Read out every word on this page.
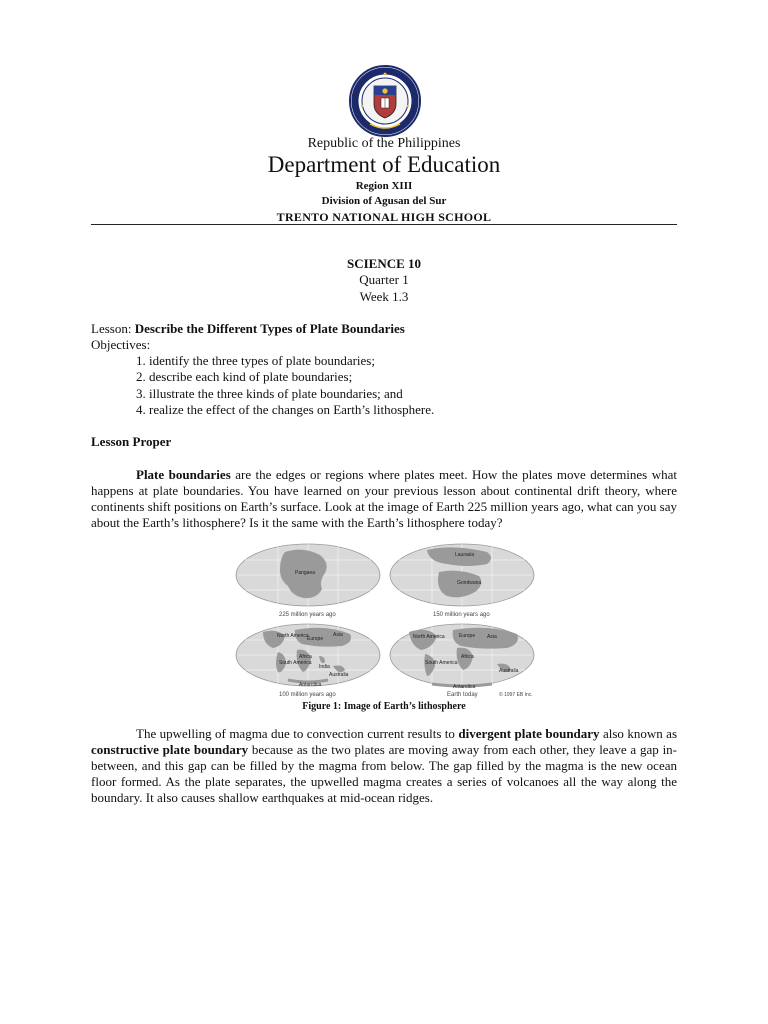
Republic of the Philippines
Department of Education
Region XIII
Division of Agusan del Sur
TRENTO NATIONAL HIGH SCHOOL
SCIENCE 10
Quarter 1
Week 1.3
Lesson: Describe the Different Types of Plate Boundaries
Objectives:
1. identify the three types of plate boundaries;
2. describe each kind of plate boundaries;
3. illustrate the three kinds of plate boundaries; and
4. realize the effect of the changes on Earth’s lithosphere.
Lesson Proper

Plate boundaries are the edges or regions where plates meet. How the plates move determines what happens at plate boundaries. You have learned on your previous lesson about continental drift theory, where continents shift positions on Earth’s surface. Look at the image of Earth 225 million years ago, what can you say about the Earth’s lithosphere? Is it the same with the Earth’s lithosphere today?

Pangaea
225 million years ago
Laurasia
Gondwana
150 million years ago
North America
Europe
Asia
South America
Africa
India
Australia
Antarctica
100 million years ago
North America	Europe Asia
South America
Africa
Australia
Antarctica
Earth today	© 1997 EB Inc.
Figure 1: Image of Earth’s lithosphere

The upwelling of magma due to convection current results to divergent plate boundary also known as constructive plate boundary because as the two plates are moving away from each other, they leave a gap in-between, and this gap can be filled by the magma from below. The gap filled by the magma is the new ocean floor formed. As the plate separates, the upwelled magma creates a series of volcanoes all the way along the boundary. It also causes shallow earthquakes at mid-ocean ridges.
